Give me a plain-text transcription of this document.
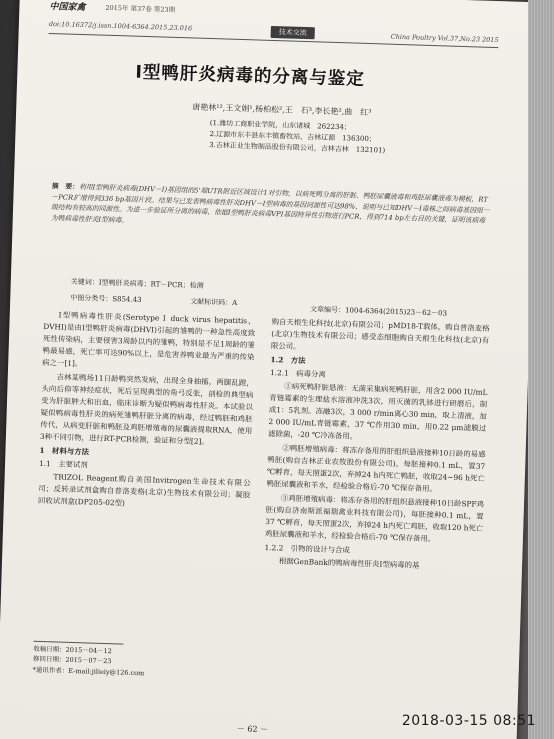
中国家禽	2015年 第37卷 第23期
doi:10.16372/j.issn.1004-6364.2015.23.016
技术交流
China Poultry Vol.37,No.23 2015
Ⅰ型鸭肝炎病毒的分离与鉴定
唐艳林¹²,王文娟¹,杨柏松²,王　石³,李长艳²,曲　红³
(1.潍坊工商职业学院，山东诸城　262234；
2.辽源市东丰县东丰镇畜牧站，吉林辽源　136300；
3.吉林正业生物制品股份有限公司，吉林吉林　132101)
摘　要：利用Ⅰ型鸭肝炎病毒(DHV－Ⅰ)基因组的5'端UTR附近区域设计1对引物，以病死鸭分离的肝脏、鸭胚尿囊液毒和鸡胚尿囊液毒为模板，RT－PCR扩增得到336 bp基因片段。结果与已发表鸭病毒性肝炎DHV－Ⅰ型病毒的基因同源性可达98%，说明与已知DHV－Ⅰ毒株之间病毒基因组一级结构有较高的同源性。为进一步验证所分离的病毒，依据Ⅰ型鸭肝炎病毒VPI基因特异性引物进行PCR，得到714 bp左右目的关键，证明该病毒为鸭病毒性肝炎Ⅰ型病毒。
关键词：Ⅰ型鸭肝炎病毒；RT－PCR；检测
中图分类号：S854.43	文献标识码：A
文章编号：1004-6364(2015)23－62－03

Ⅰ型鸭病毒性肝炎(Serotype Ⅰ duck virus hepatitis，DVHI)是由Ⅰ型鸭肝炎病毒(DHVI)引起的雏鸭的一种急性高度致死性传染病，主要侵害3周龄以内的雏鸭，特别是不足1周龄的雏鸭最易感，死亡率可达90%以上，是危害养鸭业最为严重的传染病之一[1]。

吉林某鸭场11日龄鸭突然发病，出现全身抽搐，两腿乱蹬，头向后仰等神经症状，死后呈现典型的角弓反张，剖检的典型病变为肝脏肿大和出血，临床诊断为疑似鸭病毒性肝炎。本试验以疑似鸭病毒性肝炎的病死雏鸭肝脏分离的病毒，经过鸭胚和鸡胚传代，从病变肝脏和鸭胚及鸡胚增殖毒的尿囊液提取RNA，使用3种不同引物，进行RT-PCR检测，验证和分型[2]。

1　材料与方法
1.1　主要试剂

TRIZOL Reagent购自美国Invitrogen生命技术有限公司；反转录试剂盒购自普洛麦格(北京)生物技术有限公司；凝胶回收试剂盒(DP205-02型)

收稿日期：2015－04－12
修回日期：2015－07－23
*通讯作者：E-mail:jilieiy@126.com

购自天根生化科技(北京)有限公司；pMD18-T载体，购自普洛麦格(北京)生物技术有限公司；感受态细胞购自天根生化科技(北京)有限公司。

1.2　方法
1.2.1　病毒分离

①病死鸭肝脏悬液：无菌采集病死鸭肝脏，用含2 000 IU/mL青链霉素的生理盐水溶液冲洗3次，用灭菌的乳钵进行研磨后，制成1：5乳剂。冻融3次，3 000 r/min离心30 min，取上清液，加2 000 IU/mL青链霉素，37 ℃作用30 min，用0.22 μm滤膜过滤除菌，-20 ℃冷冻备用。

②鸭胚增殖病毒：将冻存备用的肝组织悬液接种10日龄的易感鸭胚(购自吉林正业农牧股份有限公司)，每胚接种0.1 mL，置37 ℃孵育，每天照蛋2次，弃掉24 h内死亡鸭胚，收取24~96 h死亡鸭胚尿囊液和羊水，经检验合格后-70 ℃保存备用。

③鸡胚增殖病毒：将冻存备用的肝组织悬液接种10日龄SPF鸡胚(购自济南斯派福瑞禽业科技有限公司)，每胚接种0.1 mL，置37 ℃孵育，每天照蛋2次，弃掉24 h内死亡鸡胚，收取120 h死亡鸡胚尿囊液和羊水，经检验合格后-70 ℃保存备用。

1.2.2　引物的设计与合成

根据GenBank的鸭病毒性肝炎Ⅰ型病毒的基

－ 62 －
2018-03-15 08:51
